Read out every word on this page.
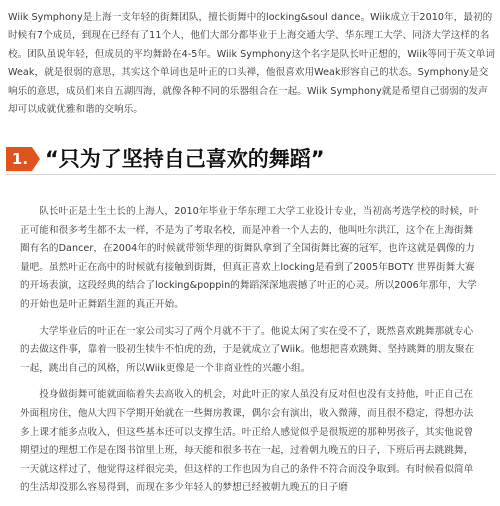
Wiik Symphony是上海一支年轻的街舞团队，擅长街舞中的locking&soul dance。Wiik成立于2010年，最初的时候有7个成员，到现在已经有了11个人，他们大部分都毕业于上海交通大学、华东理工大学、同济大学这样的名校。团队虽说年轻，但成员的平均舞龄在4-5年。Wiik Symphony这个名字是队长叶正想的，Wiik等同于英文单词Weak，就是很弱的意思，其实这个单词也是叶正的口头禅，他很喜欢用Weak形容自己的状态。Symphony是交响乐的意思，成员们来自五湖四海，就像各种不同的乐器组合在一起。Wiik Symphony就是希望自己弱弱的发声却可以成就优雅和谐的交响乐。

1. “只为了坚持自己喜欢的舞蹈”

队长叶正是土生土长的上海人，2010年毕业于华东理工大学工业设计专业，当初高考选学校的时候，叶正可能和很多考生都不太一样，不是为了考取名校，而是冲着一个人去的，他叫吐尔洪江，这个在上海街舞圈有名的Dancer，在2004年的时候就带领华理的街舞队拿到了全国街舞比赛的冠军，也许这就是偶像的力量吧。虽然叶正在高中的时候就有接触到街舞，但真正喜欢上locking是看到了2005年BOTY 世界街舞大赛的开场表演，这段经典的结合了locking&poppin的舞蹈深深地震撼了叶正的心灵。所以2006年那年，大学的开始也是叶正舞蹈生涯的真正开始。

大学毕业后的叶正在一家公司实习了两个月就不干了。他说太闲了实在受不了，既然喜欢跳舞那就专心的去做这件事，靠着一股初生犊牛不怕虎的劲，于是就成立了Wiik。他想把喜欢跳舞、坚持跳舞的朋友聚在一起，跳出自己的风格，所以Wiik更像是一个非商业性的兴趣小组。

投身做街舞可能就面临着失去高收入的机会，对此叶正的家人虽没有反对但也没有支持他，叶正自己在外面租房住，他从大四下学期开始就在一些舞房教课，偶尔会有演出，收入微薄，而且很不稳定，得想办法多上课才能多点收入，但这些基本还可以支撑生活。叶正给人感觉似乎是很叛逆的那种男孩子，其实他说曾期望过的理想工作是在图书馆里上班，每天能和很多书在一起，过着朝九晚五的日子，下班后再去跳跳舞，一天就这样过了，他觉得这样很完美，但这样的工作也因为自己的条件不符合而没争取到。有时候看似简单的生活却没那么容易得到，而现在多少年轻人的梦想已经被朝九晚五的日子磨
